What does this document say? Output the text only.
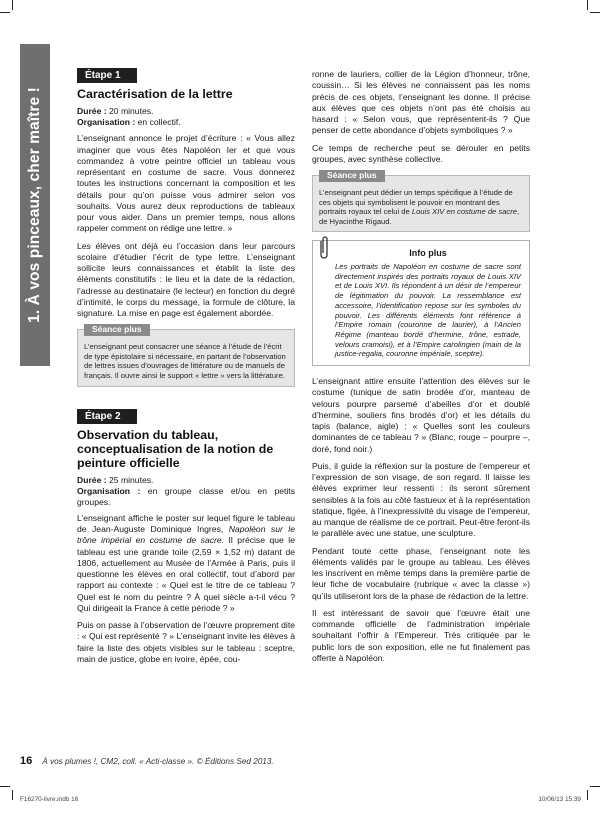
1. À vos pinceaux, cher maître !
Étape 1
Caractérisation de la lettre
Durée : 20 minutes.
Organisation : en collectif.

L’enseignant annonce le projet d’écriture : « Vous allez imaginer que vous êtes Napoléon Ier et que vous commandez à votre peintre officiel un tableau vous représentant en costume de sacre. Vous donnerez toutes les instructions concernant la composition et les détails pour qu’on puisse vous admirer selon vos souhaits. Vous aurez deux reproductions de tableaux pour vous aider. Dans un premier temps, nous allons rappeler comment on rédige une lettre. »

Les élèves ont déjà eu l’occasion dans leur parcours scolaire d’étudier l’écrit de type lettre. L’enseignant sollicite leurs connaissances et établit la liste des éléments constitutifs : le lieu et la date de la rédaction, l’adresse au destinataire (le lecteur) en fonction du degré d’intimité, le corps du message, la formule de clôture, la signature. La mise en page est également abordée.

Séance plus
L’enseignant peut consacrer une séance à l’étude de l’écrit de type épistolaire si nécessaire, en partant de l’observation de lettres issues d’ouvrages de littérature ou de manuels de français. Il ouvre ainsi le support « lettre » vers la littérature.
Étape 2
Observation du tableau, conceptualisation de la notion de peinture officielle
Durée : 25 minutes.
Organisation : en groupe classe et/ou en petits groupes.

L’enseignant affiche le poster sur lequel figure le tableau de Jean-Auguste Dominique Ingres, Napoléon sur le trône impérial en costume de sacre. Il précise que le tableau est une grande toile (2,59 × 1,52 m) datant de 1806, actuellement au Musée de l’Armée à Paris, puis il questionne les élèves en oral collectif, tout d’abord par rapport au contexte : « Quel est le titre de ce tableau ? Quel est le nom du peintre ? À quel siècle a-t-il vécu ? Qui dirigeait la France à cette période ? »

Puis on passe à l’observation de l’œuvre proprement dite : « Qui est représenté ? » L’enseignant invite les élèves à faire la liste des objets visibles sur le tableau : sceptre, main de justice, globe en ivoire, épée, cou-

ronne de lauriers, collier de la Légion d’honneur, trône, coussin… Si les élèves ne connaissent pas les noms précis de ces objets, l’enseignant les donne. Il précise aux élèves que ces objets n’ont pas été choisis au hasard : « Selon vous, que représentent-ils ? Que penser de cette abondance d’objets symboliques ? »

Ce temps de recherche peut se dérouler en petits groupes, avec synthèse collective.

Séance plus
L’enseignant peut dédier un temps spécifique à l’étude de ces objets qui symbolisent le pouvoir en montrant des portraits royaux tel celui de Louis XIV en costume de sacre, de Hyacinthe Rigaud.
Info plus
Les portraits de Napoléon en costume de sacre sont directement inspirés des portraits royaux de Louis XIV et de Louis XVI. Ils répondent à un désir de l’empereur de légitimation du pouvoir. La ressemblance est accessoire, l’identification repose sur les symboles du pouvoir. Les différents éléments font référence à l’Empire romain (couronne de laurier), à l’Ancien Régime (manteau bordé d’hermine, trône, estrade, velours cramoisi), et à l’Empire carolingien (main de la justice-regalia, couronne impériale, sceptre).

L’enseignant attire ensuite l’attention des élèves sur le costume (tunique de satin brodée d’or, manteau de velours pourpre parsemé d’abeilles d’or et doublé d’hermine, souliers fins brodés d’or) et les détails du tapis (balance, aigle) : « Quelles sont les couleurs dominantes de ce tableau ? » (Blanc, rouge – pourpre –, doré, fond noir.)

Puis, il guide la réflexion sur la posture de l’empereur et l’expression de son visage, de son regard. Il laisse les élèves exprimer leur ressenti : ils seront sûrement sensibles à la fois au côté fastueux et à la représentation statique, figée, à l’inexpressivité du visage de l’empereur, au manque de réalisme de ce portrait. Peut-être feront-ils le parallèle avec une statue, une sculpture.

Pendant toute cette phase, l’enseignant note les éléments validés par le groupe au tableau. Les élèves les inscrivent en même temps dans la première partie de leur fiche de vocabulaire (rubrique « avec la classe ») qu’ils utiliseront lors de la phase de rédaction de la lettre.

Il est intéressant de savoir que l’œuvre était une commande officielle de l’administration impériale souhaitant l’offrir à l’Empereur. Très critiquée par le public lors de son exposition, elle ne fut finalement pas offerte à Napoléon.

16 À vos plumes !, CM2, coll. « Acti-classe ». © Éditions Sed 2013.
F16270-livre.indb 16	10/06/13 15:39
